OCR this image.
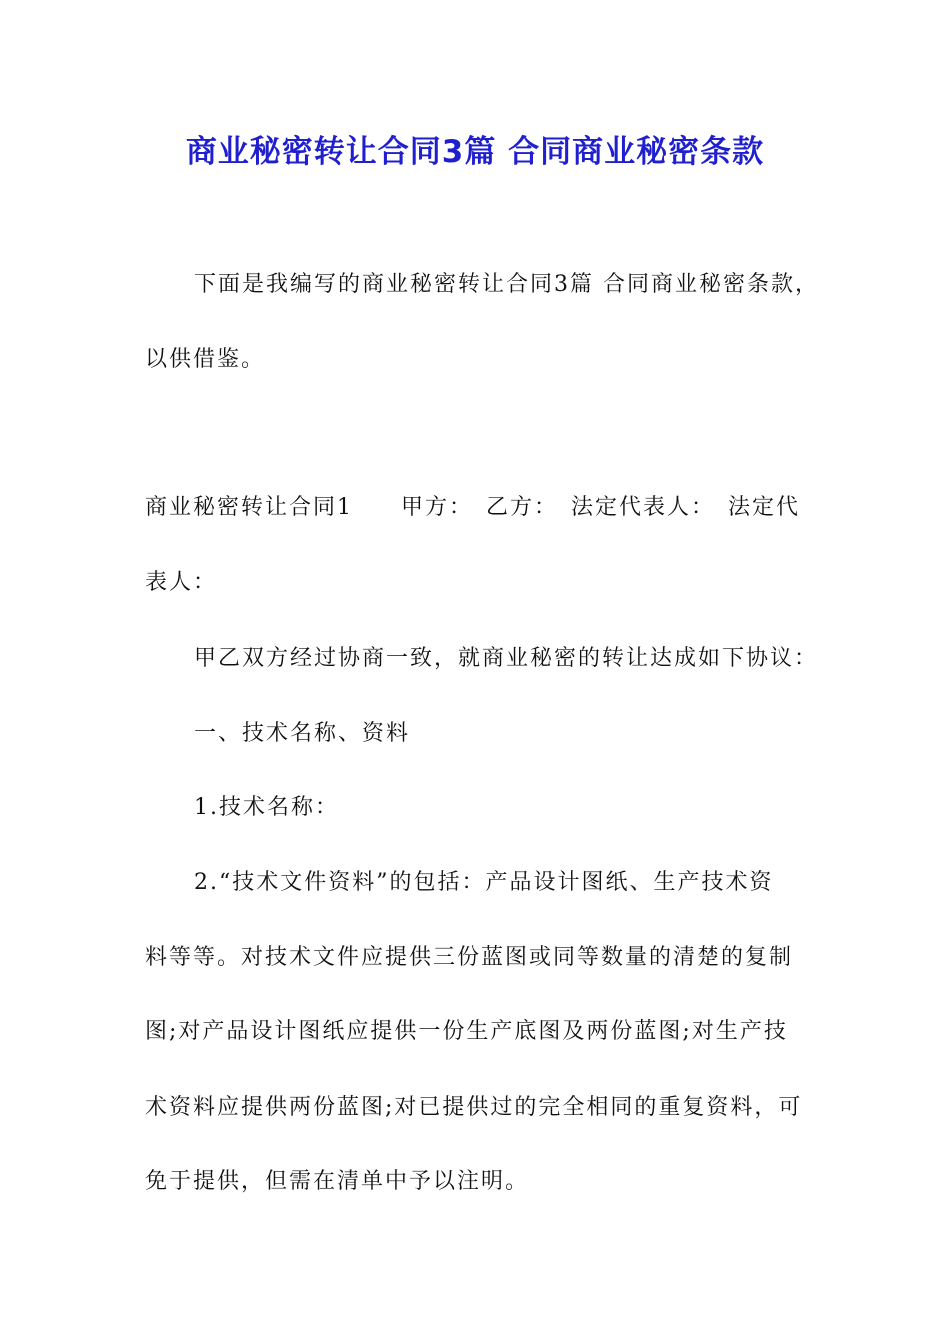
商业秘密转让合同3篇 合同商业秘密条款
下面是我编写的商业秘密转让合同3篇 合同商业秘密条款，
以供借鉴。
商业秘密转让合同1　　甲方：　乙方：　法定代表人：　法定代
表人：
甲乙双方经过协商一致，就商业秘密的转让达成如下协议：
一、技术名称、资料
1.技术名称：
2.“技术文件资料”的包括：产品设计图纸、生产技术资
料等等。对技术文件应提供三份蓝图或同等数量的清楚的复制
图;对产品设计图纸应提供一份生产底图及两份蓝图;对生产技
术资料应提供两份蓝图;对已提供过的完全相同的重复资料，可
免于提供，但需在清单中予以注明。
